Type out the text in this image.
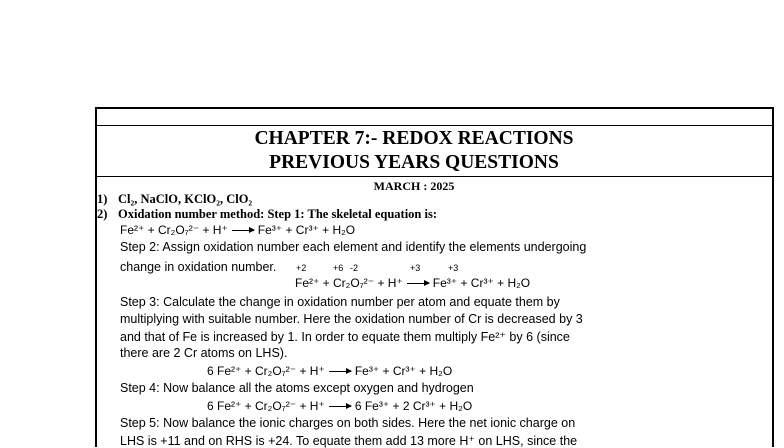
CHAPTER 7:- REDOX REACTIONS
PREVIOUS YEARS QUESTIONS
MARCH : 2025
1) Cl₂, NaClO, KClO₂, ClO₂
2) Oxidation number method: Step 1: The skeletal equation is:
Fe²⁺ + Cr₂O₇²⁻ + H⁺	Fe³⁺ + Cr³⁺ + H₂O
Step 2: Assign oxidation number each element and identify the elements undergoing
change in oxidation number. +2	+6 -2	+3	+3
Fe²⁺ + Cr₂O₇²⁻ + H⁺	Fe³⁺ + Cr³⁺ + H₂O
Step 3: Calculate the change in oxidation number per atom and equate them by
multiplying with suitable number. Here the oxidation number of Cr is decreased by 3
and that of Fe is increased by 1. In order to equate them multiply Fe²⁺ by 6 (since
there are 2 Cr atoms on LHS).
6 Fe²⁺ + Cr₂O₇²⁻ + H⁺	Fe³⁺ + Cr³⁺ + H₂O
Step 4: Now balance all the atoms except oxygen and hydrogen
6 Fe²⁺ + Cr₂O₇²⁻ + H⁺	6 Fe³⁺ + 2 Cr³⁺ + H₂O
Step 5: Now balance the ionic charges on both sides. Here the net ionic charge on
LHS is +11 and on RHS is +24. To equate them add 13 more H⁺ on LHS, since the
